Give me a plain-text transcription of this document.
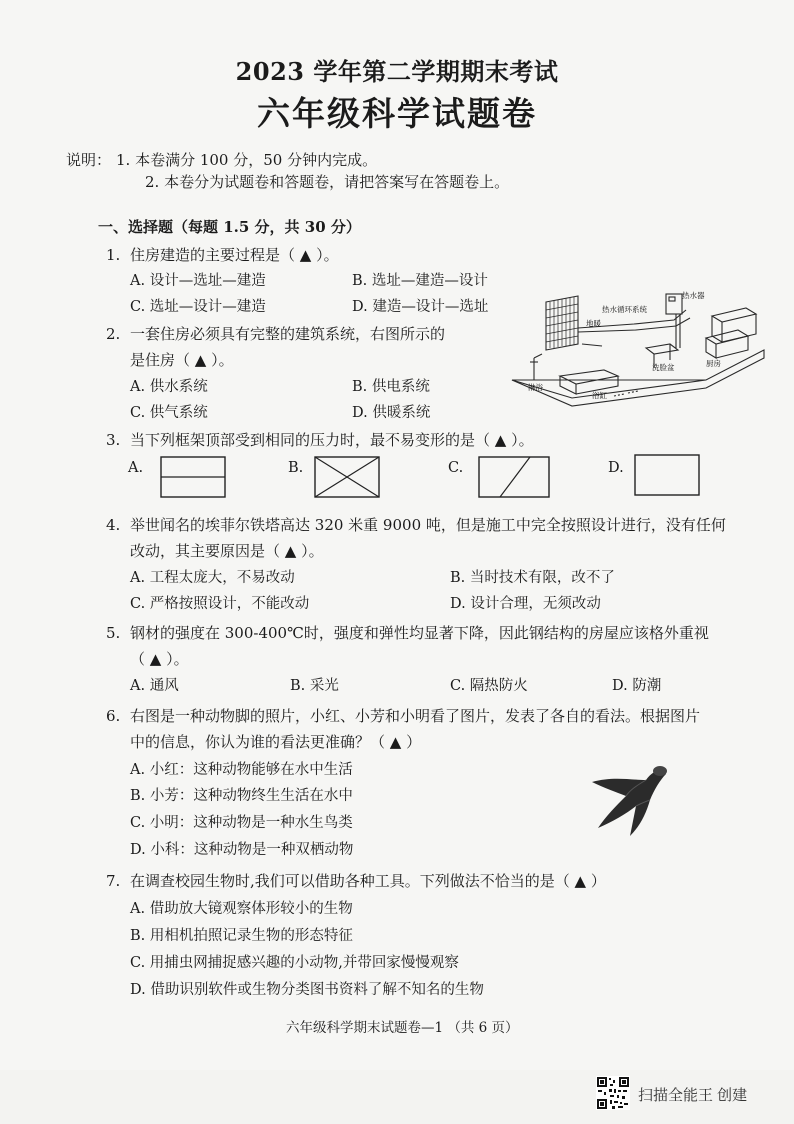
2023 学年第二学期期末考试
六年级科学试题卷
说明： 1. 本卷满分 100 分，50 分钟内完成。
2. 本卷分为试题卷和答题卷，请把答案写在答题卷上。
一、选择题（每题 1.5 分，共 30 分）
1. 住房建造的主要过程是（ ▲ ）。
A. 设计—选址—建造	B. 选址—建造—设计
C. 选址—设计—建造	D. 建造—设计—选址
2. 一套住房必须具有完整的建筑系统，右图所示的
是住房（ ▲ ）。
A. 供水系统	B. 供电系统
C. 供气系统	D. 供暖系统
热水器
热水循环系统
地暖
洗脸盆	厨房
淋浴
浴缸
3. 当下列框架顶部受到相同的压力时，最不易变形的是（ ▲ ）。
A.	B.	C.	D.
4. 举世闻名的埃菲尔铁塔高达 320 米重 9000 吨，但是施工中完全按照设计进行，没有任何
改动，其主要原因是（ ▲ ）。
A. 工程太庞大，不易改动	B. 当时技术有限，改不了
C. 严格按照设计，不能改动	D. 设计合理，无须改动
5. 钢材的强度在 300-400℃时，强度和弹性均显著下降，因此钢结构的房屋应该格外重视
（ ▲ ）。
A. 通风	B. 采光	C. 隔热防火	D. 防潮
6. 右图是一种动物脚的照片，小红、小芳和小明看了图片，发表了各自的看法。根据图片
中的信息，你认为谁的看法更准确？（ ▲ ）
A. 小红：这种动物能够在水中生活
B. 小芳：这种动物终生生活在水中
C. 小明：这种动物是一种水生鸟类
D. 小科：这种动物是一种双栖动物
7. 在调查校园生物时,我们可以借助各种工具。下列做法不恰当的是（ ▲ ）
A. 借助放大镜观察体形较小的生物
B. 用相机拍照记录生物的形态特征
C. 用捕虫网捕捉感兴趣的小动物,并带回家慢慢观察
D. 借助识别软件或生物分类图书资料了解不知名的生物
六年级科学期末试题卷—1 （共 6 页）
扫描全能王 创建
